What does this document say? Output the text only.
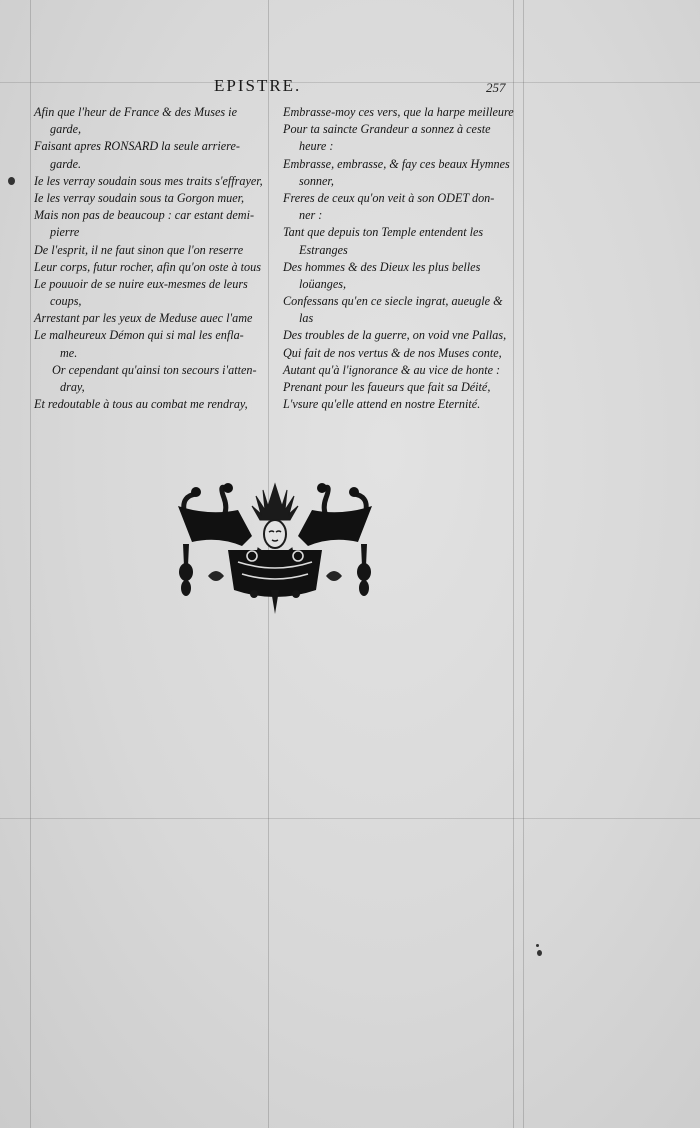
EPISTRE.	257
Afin que l'heur de France & des Muses ie
garde,
Faisant apres RONSARD la seule arriere-
garde.
Ie les verray soudain sous mes traits s'effrayer,
Ie les verray soudain sous ta Gorgon muer,
Mais non pas de beaucoup : car estant demi-
pierre
De l'esprit, il ne faut sinon que l'on reserre
Leur corps, futur rocher, afin qu'on oste à tous
Le pouuoir de se nuire eux-mesmes de leurs
coups,
Arrestant par les yeux de Meduse auec l'ame
Le malheureux Démon qui si mal les enfla-
me.
Or cependant qu'ainsi ton secours i'atten-
dray,
Et redoutable à tous au combat me rendray,
Embrasse-moy ces vers, que la harpe meilleure
Pour ta saincte Grandeur a sonnez à ceste
heure :
Embrasse, embrasse, & fay ces beaux Hymnes
sonner,
Freres de ceux qu'on veit à son ODET don-
ner :
Tant que depuis ton Temple entendent les
Estranges
Des hommes & des Dieux les plus belles
loüanges,
Confessans qu'en ce siecle ingrat, aueugle &
las
Des troubles de la guerre, on void vne Pallas,
Qui fait de nos vertus & de nos Muses conte,
Autant qu'à l'ignorance & au vice de honte :
Prenant pour les faueurs que fait sa Déité,
L'vsure qu'elle attend en nostre Eternité.
